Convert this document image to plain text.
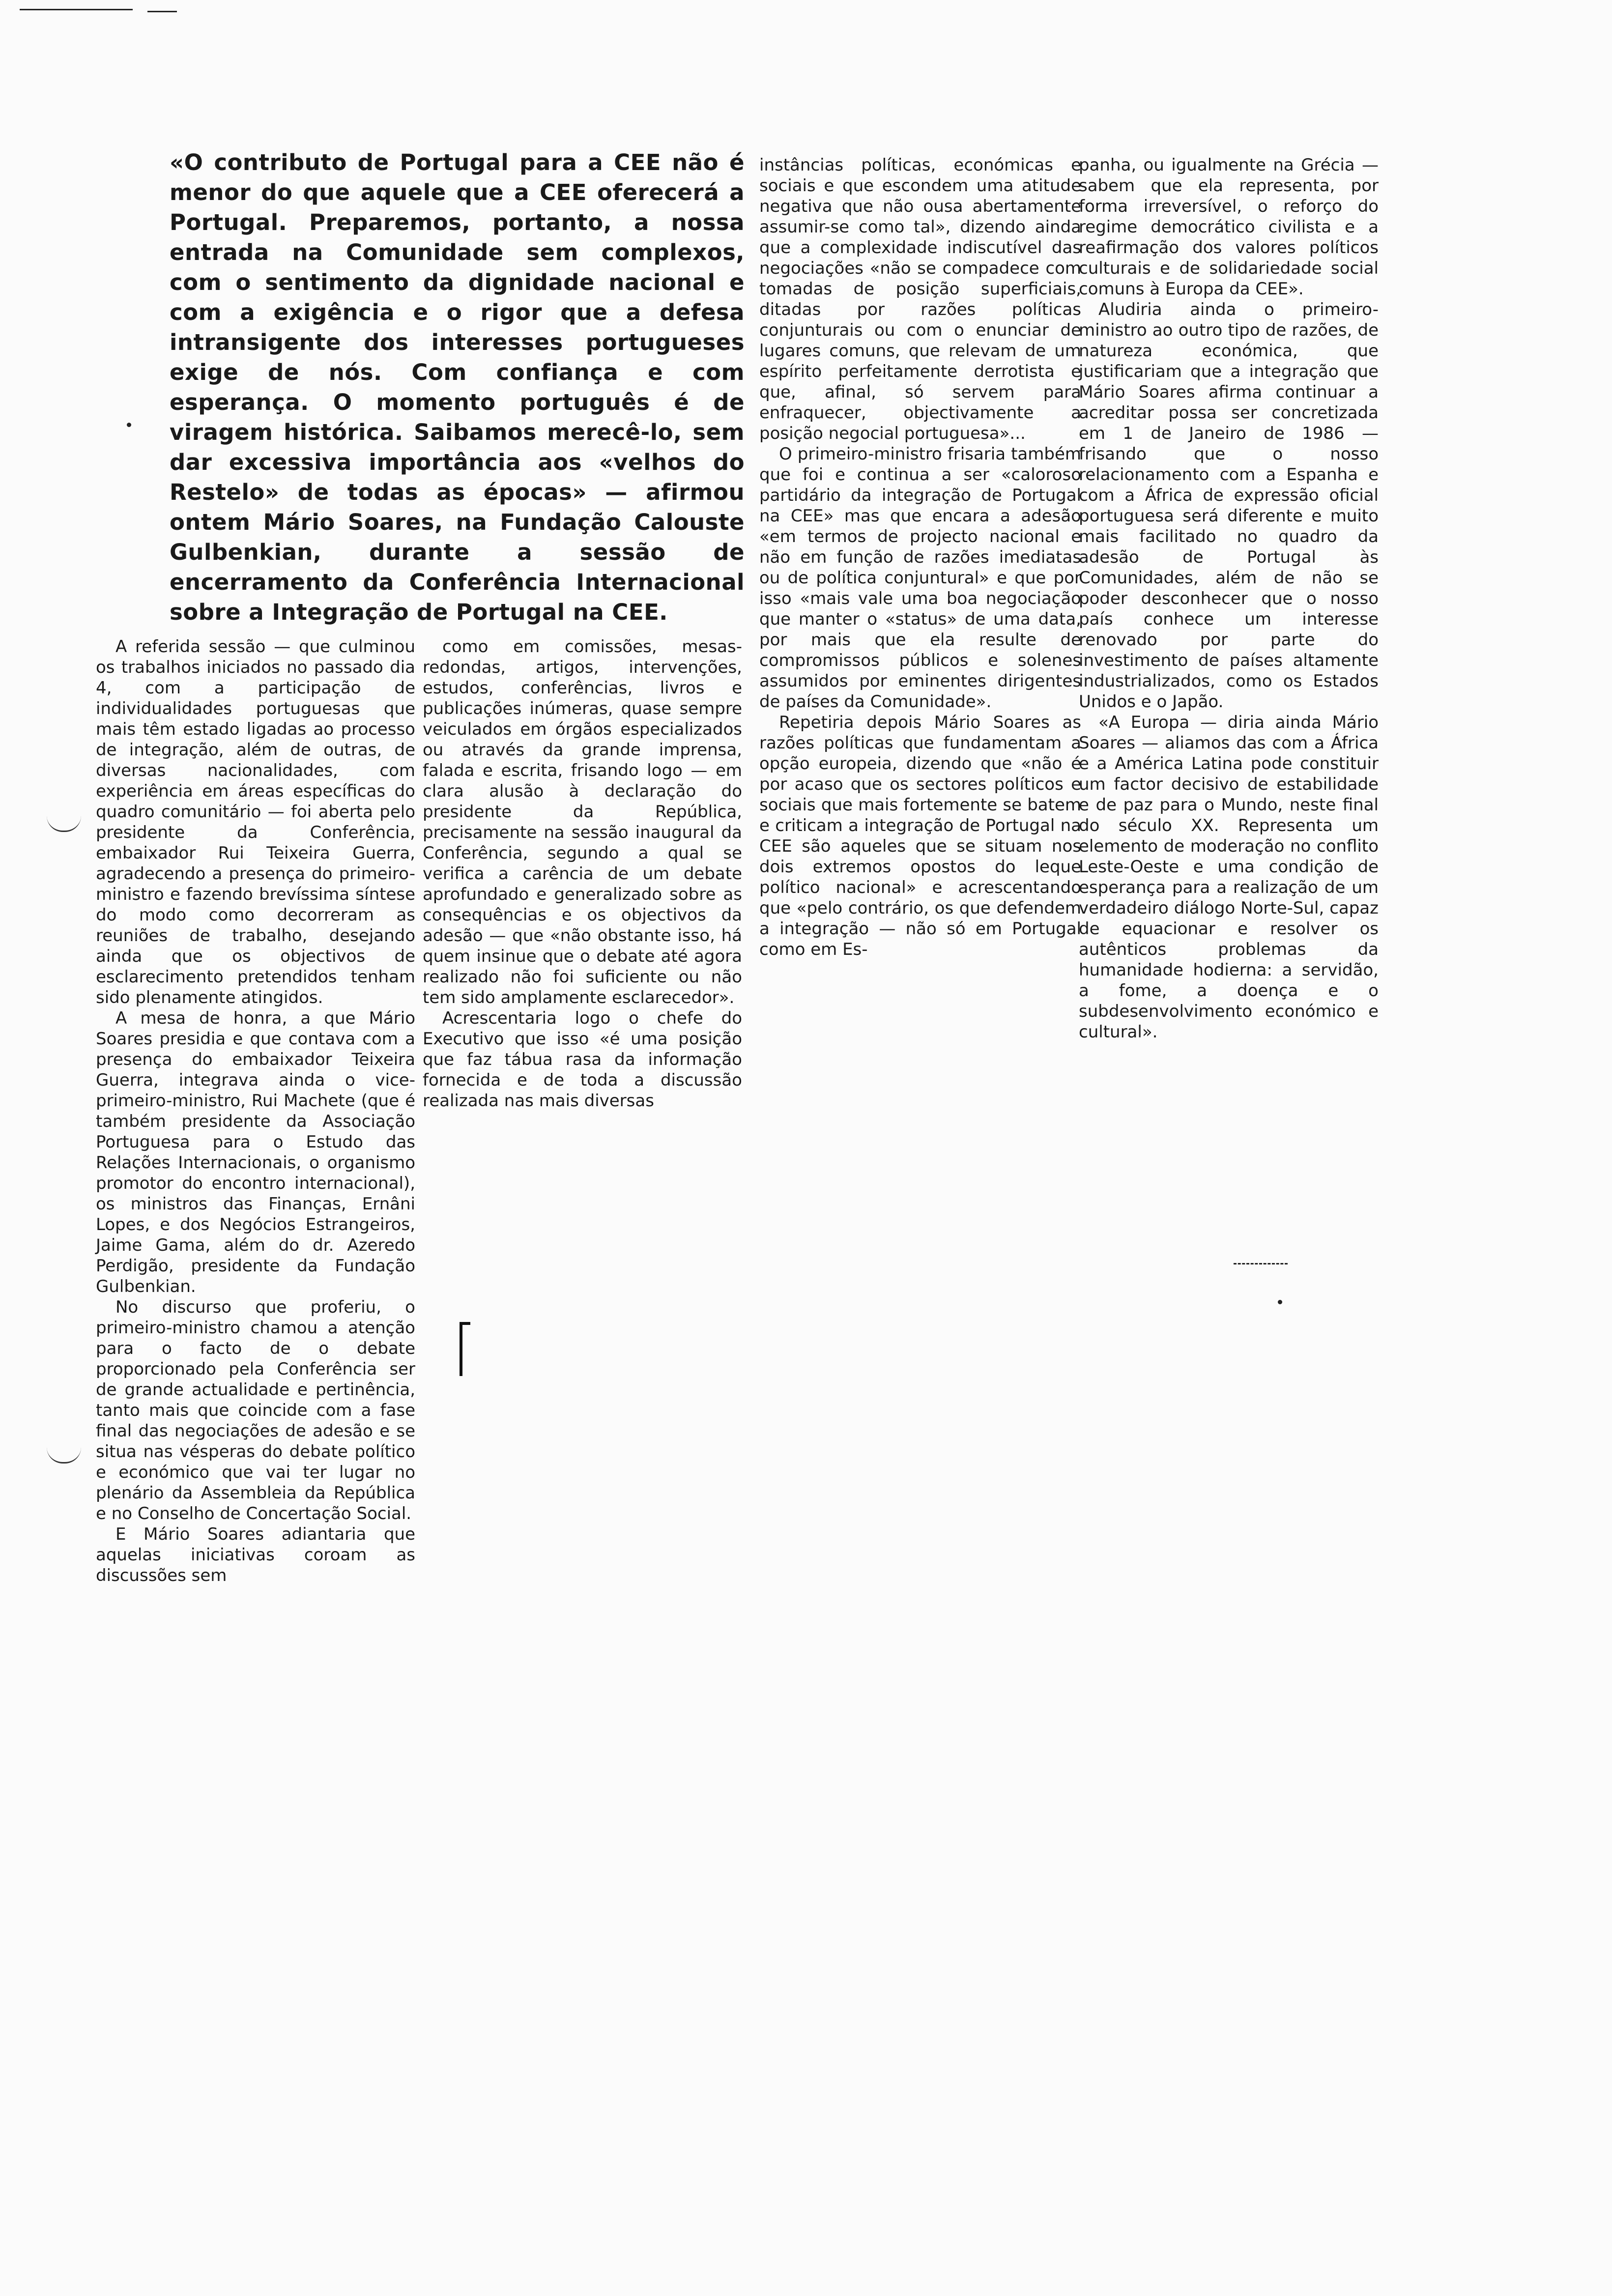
«O contributo de Portugal para a CEE não é menor do que aquele que a CEE oferecerá a Portugal. Preparemos, portanto, a nossa entrada na Comunidade sem complexos, com o sentimento da dignidade nacional e com a exigência e o rigor que a defesa intransigente dos interesses portugueses exige de nós. Com confiança e com esperança. O momento português é de viragem histórica. Saibamos merecê-lo, sem dar excessiva importância aos «velhos do Restelo» de todas as épocas» — afirmou ontem Mário Soares, na Fundação Calouste Gulbenkian, durante a sessão de encerramento da Conferência Internacional sobre a Integração de Portugal na CEE.

A referida sessão — que culminou os trabalhos iniciados no passado dia 4, com a participação de individualidades portuguesas que mais têm estado ligadas ao processo de integração, além de outras, de diversas nacionalidades, com experiência em áreas específicas do quadro comunitário — foi aberta pelo presidente da Conferência, embaixador Rui Teixeira Guerra, agradecendo a presença do primeiro-ministro e fazendo brevíssima síntese do modo como decorreram as reuniões de trabalho, desejando ainda que os objectivos de esclarecimento pretendidos tenham sido plenamente atingidos.

A mesa de honra, a que Mário Soares presidia e que contava com a presença do embaixador Teixeira Guerra, integrava ainda o vice-primeiro-ministro, Rui Machete (que é também presidente da Associação Portuguesa para o Estudo das Relações Internacionais, o organismo promotor do encontro internacional), os ministros das Finanças, Ernâni Lopes, e dos Negócios Estrangeiros, Jaime Gama, além do dr. Azeredo Perdigão, presidente da Fundação Gulbenkian.

No discurso que proferiu, o primeiro-ministro chamou a atenção para o facto de o debate proporcionado pela Conferência ser de grande actualidade e pertinência, tanto mais que coincide com a fase final das negociações de adesão e se situa nas vésperas do debate político e económico que vai ter lugar no plenário da Assembleia da República e no Conselho de Concertação Social.

E Mário Soares adiantaria que aquelas iniciativas coroam as discussões sem

como em comissões, mesas-redondas, artigos, intervenções, estudos, conferências, livros e publicações inúmeras, quase sempre veiculados em órgãos especializados ou através da grande imprensa, falada e escrita, frisando logo — em clara alusão à declaração do presidente da República, precisamente na sessão inaugural da Conferência, segundo a qual se verifica a carência de um debate aprofundado e generalizado sobre as consequências e os objectivos da adesão — que «não obstante isso, há quem insinue que o debate até agora realizado não foi suficiente ou não tem sido amplamente esclarecedor».

Acrescentaria logo o chefe do Executivo que isso «é uma posição que faz tábua rasa da informação fornecida e de toda a discussão realizada nas mais diversas

instâncias políticas, económicas e sociais e que escondem uma atitude negativa que não ousa abertamente assumir-se como tal», dizendo ainda que a complexidade indiscutível das negociações «não se compadece com tomadas de posição superficiais, ditadas por razões políticas conjunturais ou com o enunciar de lugares comuns, que relevam de um espírito perfeitamente derrotista e que, afinal, só servem para enfraquecer, objectivamente a posição negocial portuguesa»...

O primeiro-ministro frisaria também que foi e continua a ser «caloroso partidário da integração de Portugal na CEE» mas que encara a adesão «em termos de projecto nacional e não em função de razões imediatas ou de política conjuntural» e que por isso «mais vale uma boa negociação que manter o «status» de uma data, por mais que ela resulte de compromissos públicos e solenes assumidos por eminentes dirigentes de países da Comunidade».

Repetiria depois Mário Soares as razões políticas que fundamentam a opção europeia, dizendo que «não é por acaso que os sectores políticos e sociais que mais fortemente se batem e criticam a integração de Portugal na CEE são aqueles que se situam nos dois extremos opostos do leque político nacional» e acrescentando que «pelo contrário, os que defendem a integração — não só em Portugal como em Es-

panha, ou igualmente na Grécia — sabem que ela representa, por forma irreversível, o reforço do regime democrático civilista e a reafirmação dos valores políticos culturais e de solidariedade social comuns à Europa da CEE».

Aludiria ainda o primeiro-ministro ao outro tipo de razões, de natureza económica, que justificariam que a integração que Mário Soares afirma continuar a acreditar possa ser concretizada em 1 de Janeiro de 1986 — frisando que o nosso relacionamento com a Espanha e com a África de expressão oficial portuguesa será diferente e muito mais facilitado no quadro da adesão de Portugal às Comunidades, além de não se poder desconhecer que o nosso país conhece um interesse renovado por parte do investimento de países altamente industrializados, como os Estados Unidos e o Japão.

«A Europa — diria ainda Mário Soares — aliamos das com a África e a América Latina pode constituir um factor decisivo de estabilidade e de paz para o Mundo, neste final do século XX. Representa um elemento de moderação no conflito Leste-Oeste e uma condição de esperança para a realização de um verdadeiro diálogo Norte-Sul, capaz de equacionar e resolver os autênticos problemas da humanidade hodierna: a servidão, a fome, a doença e o subdesenvolvimento económico e cultural».
